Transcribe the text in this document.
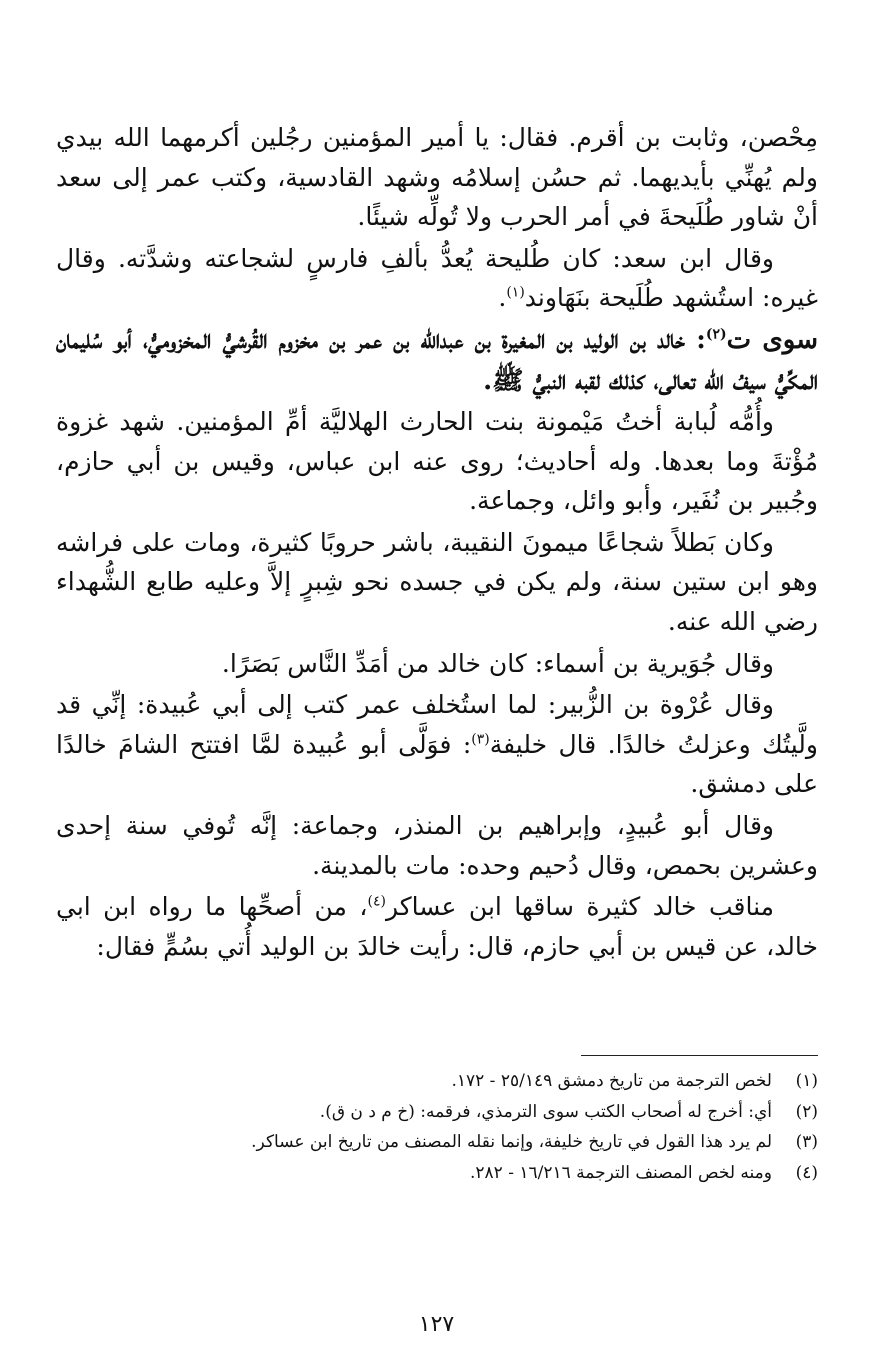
مِحْصن، وثابت بن أقرم. فقال: يا أمير المؤمنين رجُلين أكرمهما الله بيدي ولم يُهنِّي بأيديهما. ثم حسُن إسلامُه وشهد القادسية، وكتب عمر إلى سعد أنْ شاور طُلَيحةَ في أمر الحرب ولا تُولِّه شيئًا.

وقال ابن سعد: كان طُليحة يُعدُّ بألفِ فارسٍ لشجاعته وشدَّته. وقال غيره: استُشهد طُلَيحة بنَهَاوند$^{(١)}$.

سوى ت$^{(٢)}$: خالد بن الوليد بن المغيرة بن عبدالله بن عمر بن مخزوم القُرشيُّ المخزوميُّ، أبو سُليمان المكِّيُّ سيفُ الله تعالى، كذلك لقبه النبيُّ ﷺ.

وأُمُّه لُبابة أختُ مَيْمونة بنت الحارث الهلاليَّة أمِّ المؤمنين. شهد غزوة مُؤْتةَ وما بعدها. وله أحاديث؛ روى عنه ابن عباس، وقيس بن أبي حازم، وجُبير بن نُفَير، وأبو وائل، وجماعة.

وكان بَطلاً شجاعًا ميمونَ النقيبة، باشر حروبًا كثيرة، ومات على فراشه وهو ابن ستين سنة، ولم يكن في جسده نحو شِبرٍ إلاَّ وعليه طابع الشُّهداء رضي الله عنه.

وقال جُوَيرية بن أسماء: كان خالد من أمَدِّ النَّاس بَصَرًا.

وقال عُرْوة بن الزُّبير: لما استُخلف عمر كتب إلى أبي عُبيدة: إنِّي قد ولَّيتُك وعزلتُ خالدًا. قال خليفة$^{(٣)}$: فوَلَّى أبو عُبيدة لمَّا افتتح الشامَ خالدًا على دمشق.

وقال أبو عُبيدٍ، وإبراهيم بن المنذر، وجماعة: إنَّه تُوفي سنة إحدى وعشرين بحمص، وقال دُحيم وحده: مات بالمدينة.

مناقب خالد كثيرة ساقها ابن عساكر$^{(٤)}$، من أصحِّها ما رواه ابن ابي خالد، عن قيس بن أبي حازم، قال: رأيت خالدَ بن الوليد أُتي بسُمٍّ فقال:

(١)لخص الترجمة من تاريخ دمشق ٢٥/١٤٩ - ١٧٢.
(٢)أي: أخرج له أصحاب الكتب سوى الترمذي، فرقمه: (خ م د ن ق).
(٣)لم يرد هذا القول في تاريخ خليفة، وإنما نقله المصنف من تاريخ ابن عساكر.
(٤)ومنه لخص المصنف الترجمة ١٦/٢١٦ - ٢٨٢.
١٢٧
